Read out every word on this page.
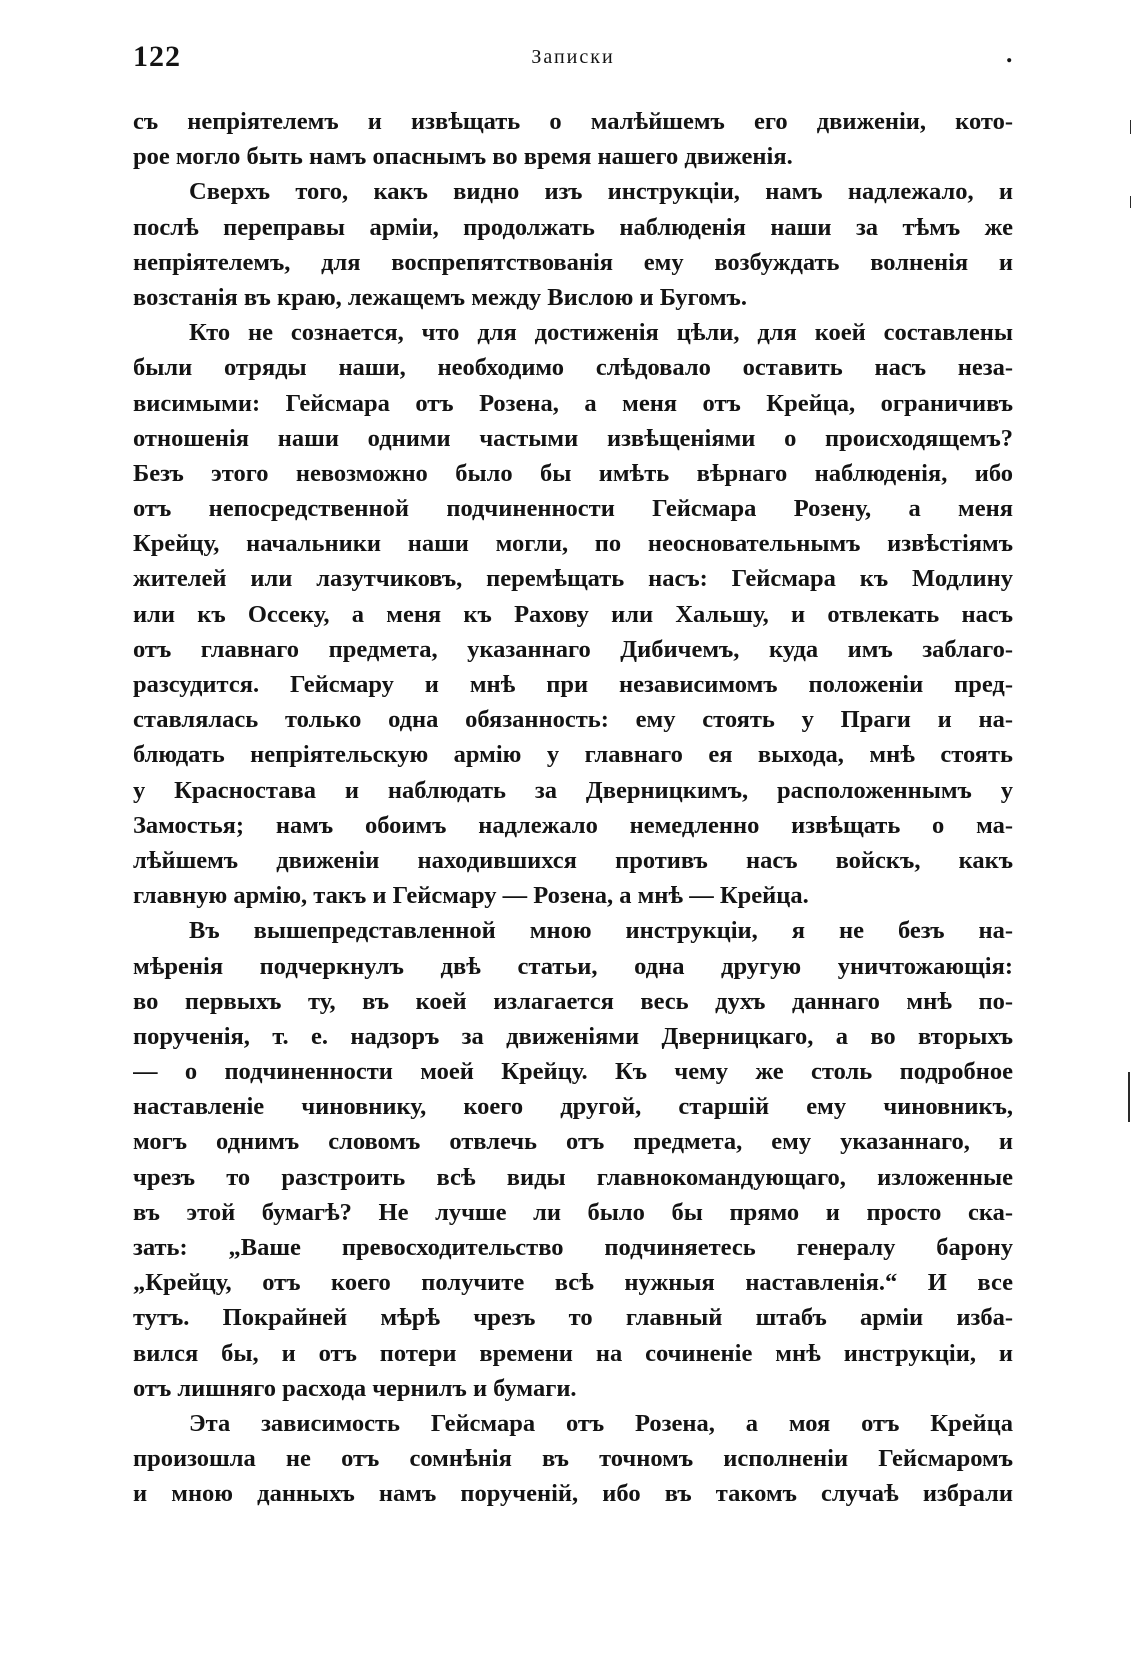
122	Записки	.
съ непріятелемъ и извѣщать о малѣйшемъ его движеніи, кото-
рое могло быть намъ опаснымъ во время нашего движенія.
Сверхъ того, какъ видно изъ инструкціи, намъ надлежало, и
послѣ переправы арміи, продолжать наблюденія наши за тѣмъ же
непріятелемъ, для воспрепятствованія ему возбуждать волненія и
возстанія въ краю, лежащемъ между Вислою и Бугомъ.
Кто не сознается, что для достиженія цѣли, для коей составлены
были отряды наши, необходимо слѣдовало оставить насъ неза-
висимыми: Гейсмара отъ Розена, а меня отъ Крейца, ограничивъ
отношенія наши одними частыми извѣщеніями о происходящемъ?
Безъ этого невозможно было бы имѣть вѣрнаго наблюденія, ибо
отъ непосредственной подчиненности Гейсмара Розену, а меня
Крейцу, начальники наши могли, по неосновательнымъ извѣстіямъ
жителей или лазутчиковъ, перемѣщать насъ: Гейсмара къ Модлину
или къ Оссеку, а меня къ Рахову или Хальшу, и отвлекать насъ
отъ главнаго предмета, указаннаго Дибичемъ, куда имъ заблаго-
разсудится. Гейсмару и мнѣ при независимомъ положеніи пред-
ставлялась только одна обязанность: ему стоять у Праги и на-
блюдать непріятельскую армію у главнаго ея выхода, мнѣ стоять
у Красностава и наблюдать за Дверницкимъ, расположеннымъ у
Замостья; намъ обоимъ надлежало немедленно извѣщать о ма-
лѣйшемъ движеніи находившихся противъ насъ войскъ, какъ
главную армію, такъ и Гейсмару — Розена, а мнѣ — Крейца.
Въ вышепредставленной мною инструкціи, я не безъ на-
мѣренія подчеркнулъ двѣ статьи, одна другую уничтожающія:
во первыхъ ту, въ коей излагается весь духъ даннаго мнѣ по-
порученія, т. е. надзоръ за движеніями Дверницкаго, а во вторыхъ
— о подчиненности моей Крейцу. Къ чему же столь подробное
наставленіе чиновнику, коего другой, старшій ему чиновникъ,
могъ однимъ словомъ отвлечь отъ предмета, ему указаннаго, и
чрезъ то разстроить всѣ виды главнокомандующаго, изложенные
въ этой бумагѣ? Не лучше ли было бы прямо и просто ска-
зать: „Ваше превосходительство подчиняетесь генералу барону
„Крейцу, отъ коего получите всѣ нужныя наставленія.“ И все
тутъ. Покрайней мѣрѣ чрезъ то главный штабъ арміи изба-
вился бы, и отъ потери времени на сочиненіе мнѣ инструкціи, и
отъ лишняго расхода чернилъ и бумаги.
Эта зависимость Гейсмара отъ Розена, а моя отъ Крейца
произошла не отъ сомнѣнія въ точномъ исполненіи Гейсмаромъ
и мною данныхъ намъ порученій, ибо въ такомъ случаѣ избрали
